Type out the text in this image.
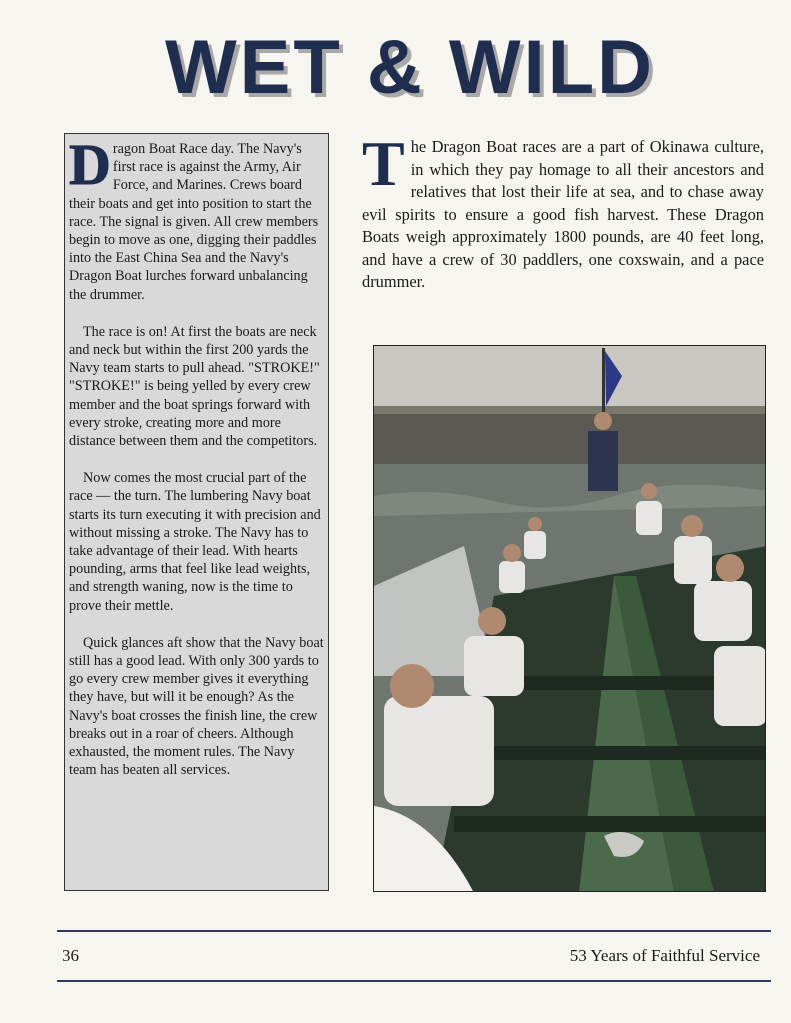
WET & WILD

Dragon Boat Race day. The Navy's first race is against the Army, Air Force, and Marines. Crews board their boats and get into position to start the race. The signal is given. All crew members begin to move as one, digging their paddles into the East China Sea and the Navy's Dragon Boat lurches forward unbalancing the drummer.

The race is on! At first the boats are neck and neck but within the first 200 yards the Navy team starts to pull ahead. "STROKE!" "STROKE!" is being yelled by every crew member and the boat springs forward with every stroke, creating more and more distance between them and the competitors.

Now comes the most crucial part of the race — the turn. The lumbering Navy boat starts its turn executing it with precision and without missing a stroke. The Navy has to take advantage of their lead. With hearts pounding, arms that feel like lead weights, and strength waning, now is the time to prove their mettle.

Quick glances aft show that the Navy boat still has a good lead. With only 300 yards to go every crew member gives it everything they have, but will it be enough? As the Navy's boat crosses the finish line, the crew breaks out in a roar of cheers. Although exhausted, the moment rules. The Navy team has beaten all services.

The Dragon Boat races are a part of Okinawa culture, in which they pay homage to all their ancestors and relatives that lost their life at sea, and to chase away evil spirits to ensure a good fish harvest. These Dragon Boats weigh approximately 1800 pounds, are 40 feet long, and have a crew of 30 paddlers, one coxswain, and a pace drummer.

36	53 Years of Faithful Service
